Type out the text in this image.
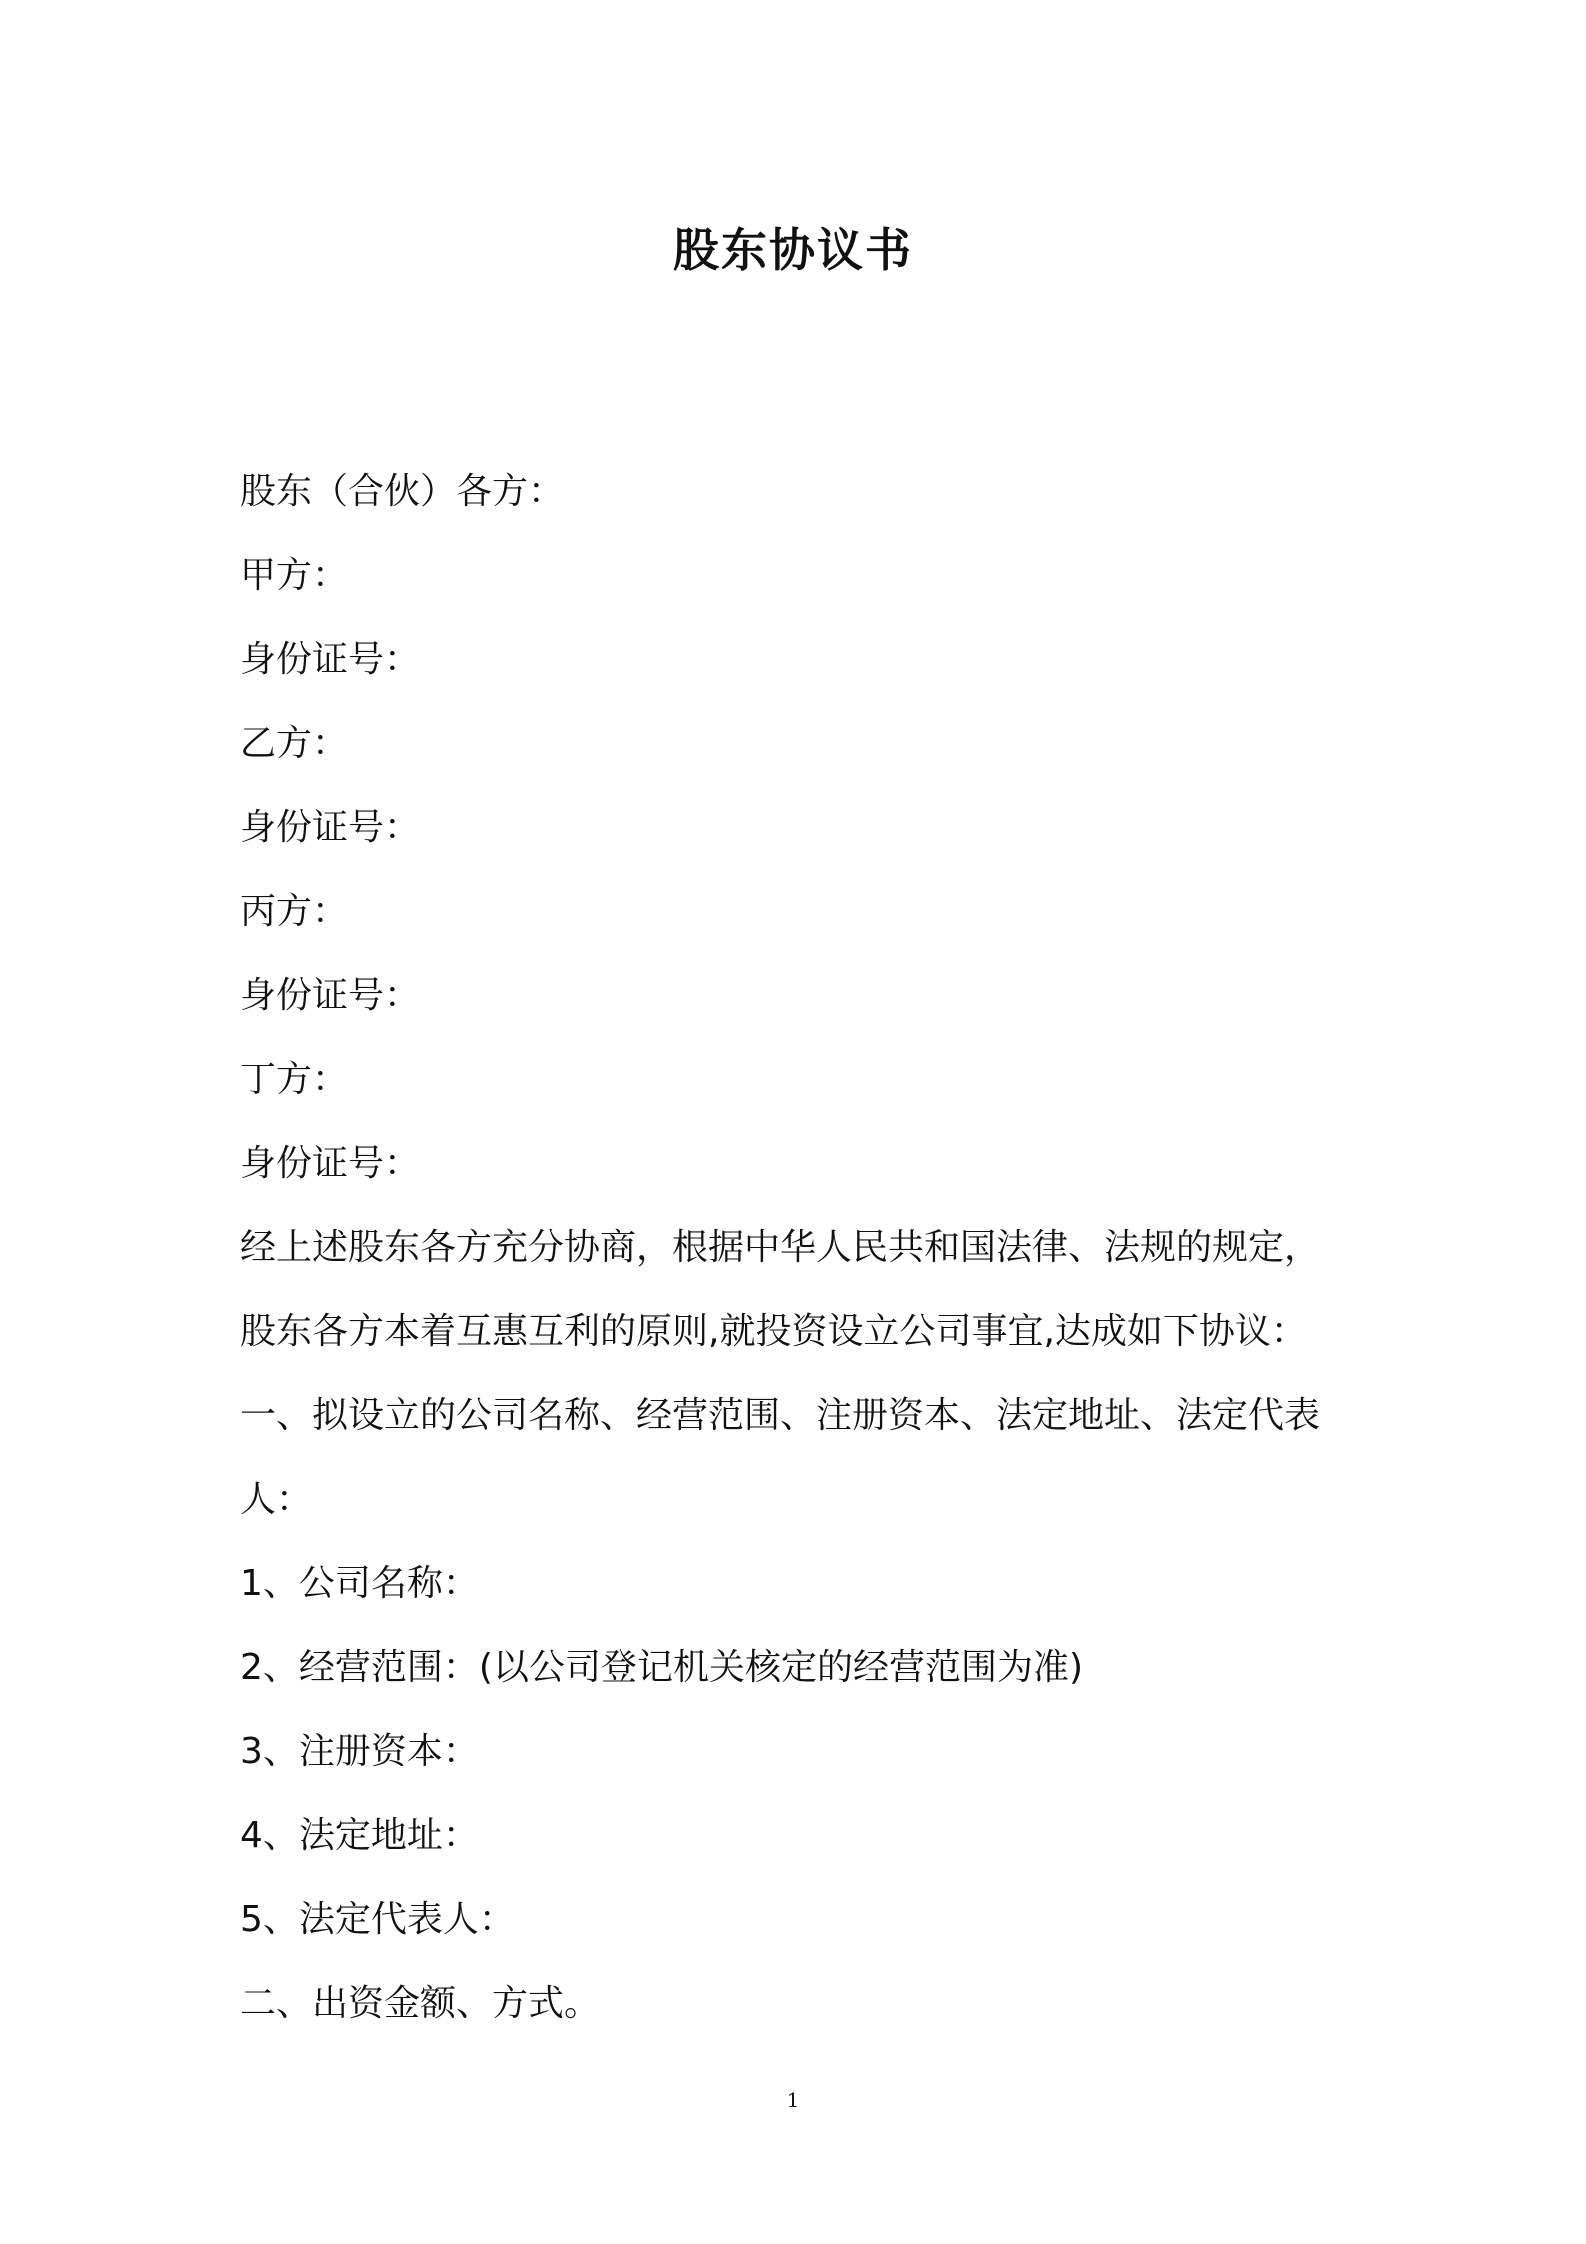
股东协议书
股东（合伙）各方：
甲方：
身份证号：
乙方：
身份证号：
丙方：
身份证号：
丁方：
身份证号：
经上述股东各方充分协商，根据中华人民共和国法律、法规的规定，
股东各方本着互惠互利的原则,就投资设立公司事宜,达成如下协议：
一、拟设立的公司名称、经营范围、注册资本、法定地址、法定代表
人：
1、公司名称：
2、经营范围：(以公司登记机关核定的经营范围为准)
3、注册资本：
4、法定地址：
5、法定代表人：
二、出资金额、方式。
1
